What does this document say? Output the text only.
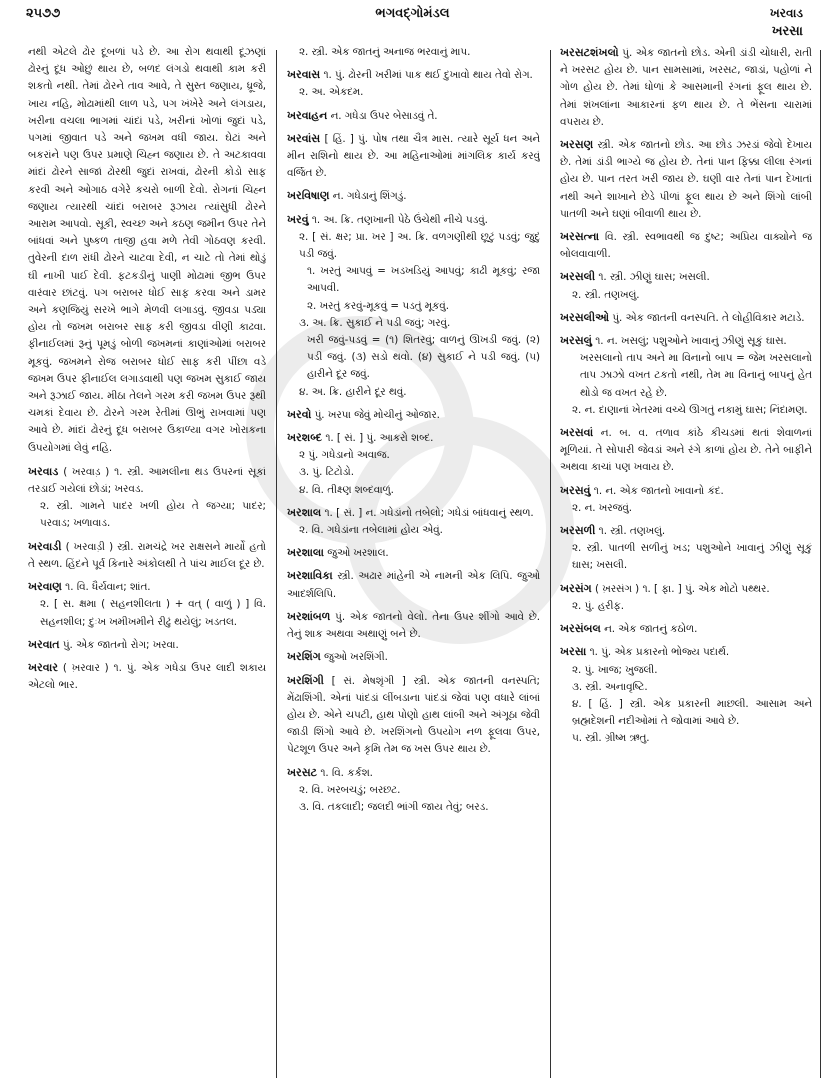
૨૫૭૭	ભગવદ્ગોમંડલ	ખરવાડ
ખરસા

નથી એટલે ઢોર દૂબળાં પડે છે. આ રોગ થવાથી દૂઝણાં ઢોરનું દૂધ ઓછું થાય છે, બળદ લંગડો થવાથી કામ કરી શકતો નથી. તેમાં ઢોરને તાવ આવે, તે સુસ્ત જણાય, ધ્રૂજે, ખાય નહિ, મોઢામાંથી લાળ પડે, પગ ખંખેરે અને લંગડાય, ખરીના વચલા ભાગમાં ચાંદાં પડે, ખરીનાં ખોળાં જુદાં પડે, પગમાં જીવાત પડે અને જખમ વધી જાય. ઘેટાં અને બકરાંને પણ ઉપર પ્રમાણે ચિહ્ન જણાય છે. તે અટકાવવા માંદાં ઢોરને સાજાં ઢોરથી જુદાં રાખવાં, ઢોરની કોડો સાફ કરવી અને ઓગાઠ વગેરે કચરો બાળી દેવો. રોગનાં ચિહ્ન જણાય ત્યારથી ચાંદાં બરાબર રૂઝાય ત્યાંસુધી ઢોરને આરામ આપવો. સૂકી, સ્વચ્છ અને કઠણ જમીન ઉપર તેને બાંધવાં અને પુષ્કળ તાજી હવા મળે તેવી ગોઠવણ કરવી. તુવેરની દાળ રાંધી ઢોરને ચાટવા દેવી, ન ચાટે તો તેમાં થોડું ઘી નાખી પાઈ દેવી. ફટકડીનું પાણી મોઢામાં જીભ ઉપર વારંવાર છાંટવું. પગ બરાબર ધોઈ સાફ કરવા અને ડામર અને કણજિયું સરખે ભાગે મેળવી લગાડવું. જીવડા પડ્યા હોય તો જખમ બરાબર સાફ કરી જીવડા વીણી કાઢવા. ફીનાઈલમાં રૂનું પૂમડું બોળી જખમનાં કાણાંઓમાં બરાબર મૂકવું. જખમને રોજ બરાબર ધોઈ સાફ કરી પીંછા વડે જખમ ઉપર ફીનાઈલ લગાડવાથી પણ જખમ સુકાઈ જાય અને રૂઝાઈ જાય. મીઠા તેલને ગરમ કરી જખમ ઉપર રૂથી ચમકાં દેવાય છે. ઢોરને ગરમ રેતીમાં ઊભું રાખવામાં પણ આવે છે. માંદાં ઢોરનું દૂધ બરાબર ઉકાળ્યા વગર ખોરાકના ઉપયોગમાં લેવું નહિ.

ખરવાડ ( ખરવાડ઼ ) ૧. સ્ત્રી. આમલીના થડ ઉપરનાં સૂકાં તરડાઈ ગયેલાં છોડાં; ખરવડ.

૨. સ્ત્રી. ગામને પાદર ખળી હોય તે જગ્યા; પાદર; પરવાડ; ખળાવાડ.

ખરવાડી ( ખરવાડ઼ી ) સ્ત્રી. રામચંદ્રે ખર રાક્ષસને માર્યો હતો તે સ્થળ. હિંદને પૂર્વ કિનારે અંકોલથી તે પાંચ માઈલ દૂર છે.

ખરવાણ ૧. વિ. ધૈર્યવાન; શાંત.

૨. [ સ. ક્ષમા ( સહનશીલતા ) + વત્ ( વાળું ) ] વિ. સહનશીલ; દુઃખ ખમીખમીને રીઢું થયેલું; ખડતલ.

ખરવાત પું. એક જાતનો રોગ; ખરવા.

ખરવાર ( ખ઼રવાર ) ૧. પું. એક ગધેડા ઉપર લાદી શકાય એટલો ભાર.

૨. સ્ત્રી. એક જાતનું અનાજ ભરવાનું માપ.

ખરવાસ ૧. પું. ઢોરની ખરીમાં પાક થઈ દુખાવો થાય તેવો રોગ.

૨. અ. એકદમ.

ખરવાહન ન. ગધેડા ઉપર બેસાડવું તે.

ખરવાંસ [ હિં. ] પું. પોષ તથા ચૈત્ર માસ. ત્યારે સૂર્ય ધન અને મીન રાશિનો થાય છે. આ મહિનાઓમાં માંગલિક કાર્ય કરવું વર્જિત છે.

ખરવિષાણ ન. ગધેડાનું શિંગડું.

ખરવું ૧. અ. ક્રિ. તણખાની પેઠે ઉંચેથી નીચે પડવું.

૨. [ સં. ક્ષર; પ્રા. ખર ] અ. ક્રિ. વળગણીથી છૂટું પડવું; જુદું પડી જવું.

૧. ખરતું આપવું = ખડખડિયું આપવું; કાઢી મૂકવું; રજા આપવી.

૨. ખરતું કરવું-મૂકવું = પડતું મૂકવું.

૩. અ. ક્રિ. સુકાઈ ને પડી જવું; ગરવું.

ખરી જવું-પડવું = (૧) શિતરવું; વાળનું ઊખડી જવું. (૨) પડી જવું. (૩) સડો થવો. (૪) સુકાઈ ને પડી જવું. (૫) હારીને દૂર જવું.

૪. અ. ક્રિ. હારીને દૂર થવું.

ખરવો પું. ખરપા જેવું મોચીનું ઓજાર.

ખરશબ્દ ૧. [ સં. ] પું. આકરો શબ્દ.

૨ પું. ગધેડાનો અવાજ.

૩. પું. ટિટોડો.

૪. વિ. તીક્ષ્ણ શબ્દવાળું.

ખરશાલ ૧. [ સં. ] ન. ગધેડાંનો તબેલો; ગધેડાં બાંધવાનું સ્થળ.

૨. વિ. ગધેડાંના તબેલામાં હોય એવું.

ખરશાલા જુઓ ખરશાલ.

ખરશાવિકા સ્ત્રી. અઢાર માંહેની એ નામની એક લિપિ. જુઓ આદર્શલિપિ.

ખરશાંબળ પું. એક જાતનો વેલો. તેના ઉપર શીંગો આવે છે. તેનું શાક અથવા અથાણું બને છે.

ખરશિંગ જુઓ ખરશિંગી.

ખરશિંગી [ સં. મેષશૃંગી ] સ્ત્રી. એક જાતની વનસ્પતિ; મેંઢાશિંગી. એનાં પાંદડાં લીંબડાના પાંદડાં જેવાં પણ વધારે લાંબાં હોય છે. એને ચપટી, હાથ પોણો હાથ લાંબી અને અંગૂઠા જેવી જાડી શિંગો આવે છે. ખરશિંગનો ઉપયોગ નળ ફૂલવા ઉપર, પેટશૂળ ઉપર અને કૃમિ તેમ જ ખસ ઉપર થાય છે.

ખરસટ ૧. વિ. કર્કશ.

૨. વિ. ખરબચડું; બરછટ.

૩. વિ. તકલાદી; જલદી ભાંગી જાય તેવું; બરડ.

ખરસટશંખલો પું. એક જાતનો છોડ. એની ડાંડી ચોધારી, રાતી ને ખરસટ હોય છે. પાન સામસામાં, ખરસટ, જાડાં, પહોળાં ને ગોળ હોય છે. તેમાં ધોળાં કે આસમાની રંગનાં ફૂલ થાય છે. તેમાં શંખલાંના આકારનાં ફળ થાય છે. તે ભેંસના ચારામાં વપરાય છે.

ખરસણ સ્ત્રી. એક જાતનો છોડ. આ છોડ ઝરડાં જેવો દેખાય છે. તેમાં ડાંડી ભાગ્યે જ હોય છે. તેનાં પાન ફિક્કા લીલા રંગનાં હોય છે. પાન તરત ખરી જાય છે. ઘણી વાર તેનાં પાન દેખાતાં નથી અને શાખાને છેડે પીળાં ફૂલ થાય છે અને શિંગો લાંબી પાતળી અને ઘણાં બીવાળી થાય છે.

ખરસત્ના વિ. સ્ત્રી. સ્વભાવથી જ દુષ્ટ; અપ્રિય વાક્યોને જ બોલવાવાળી.

ખરસલી ૧. સ્ત્રી. ઝીણું ઘાસ; ખસલી.

૨. સ્ત્રી. તણખલું.

ખરસલીઓ પું. એક જાતની વનસ્પતિ. તે લોહીવિકાર મટાડે.

ખરસલું ૧. ન. ખસલું; પશુઓને ખાવાનું ઝીણું સૂકું ઘાસ.

ખરસલાનો તાપ અને મા વિનાનો બાપ = જેમ ખરસલાનો તાપ ઝાઝો વખત ટકતો નથી, તેમ મા વિનાનું બાપનું હેત થોડો જ વખત રહે છે.

૨. ન. દાણાનાં ખેતરમાં વચ્ચે ઊગતું નકામું ઘાસ; નિંદામણ.

ખરસવાં ન. બ. વ. તળાવ કાંઠે કીચડમાં થતાં શેવાળનાં મૂળિયાં. તે સોપારી જેવડાં અને રંગે કાળાં હોય છે. તેને બાફીને અથવા કાચાં પણ ખવાય છે.

ખરસવું ૧. ન. એક જાતનો ખાવાનો કંદ.

૨. ન. ખરજવું.

ખરસળી ૧. સ્ત્રી. તણખલું.

૨. સ્ત્રી. પાતળી સળીનું ખડ; પશુઓને ખાવાનું ઝીણું સૂકું ઘાસ; ખસલી.

ખરસંગ ( ખ઼રસંગ ) ૧. [ ફા. ] પું. એક મોટો પથ્થર.

૨. પું. હરીફ.

ખરસંબલ ન. એક જાતનું કઠોળ.

ખરસા ૧. પું. એક પ્રકારનો ભોજ્ય પદાર્થ.

૨. પું. ખાજ; ખુજલી.

૩. સ્ત્રી. અનાવૃષ્ટિ.

૪. [ હિં. ] સ્ત્રી. એક પ્રકારની માછલી. આસામ અને બ્રહ્મદેશની નદીઓમાં તે જોવામાં આવે છે.

૫. સ્ત્રી. ગ્રીષ્મ ઋતુ.
